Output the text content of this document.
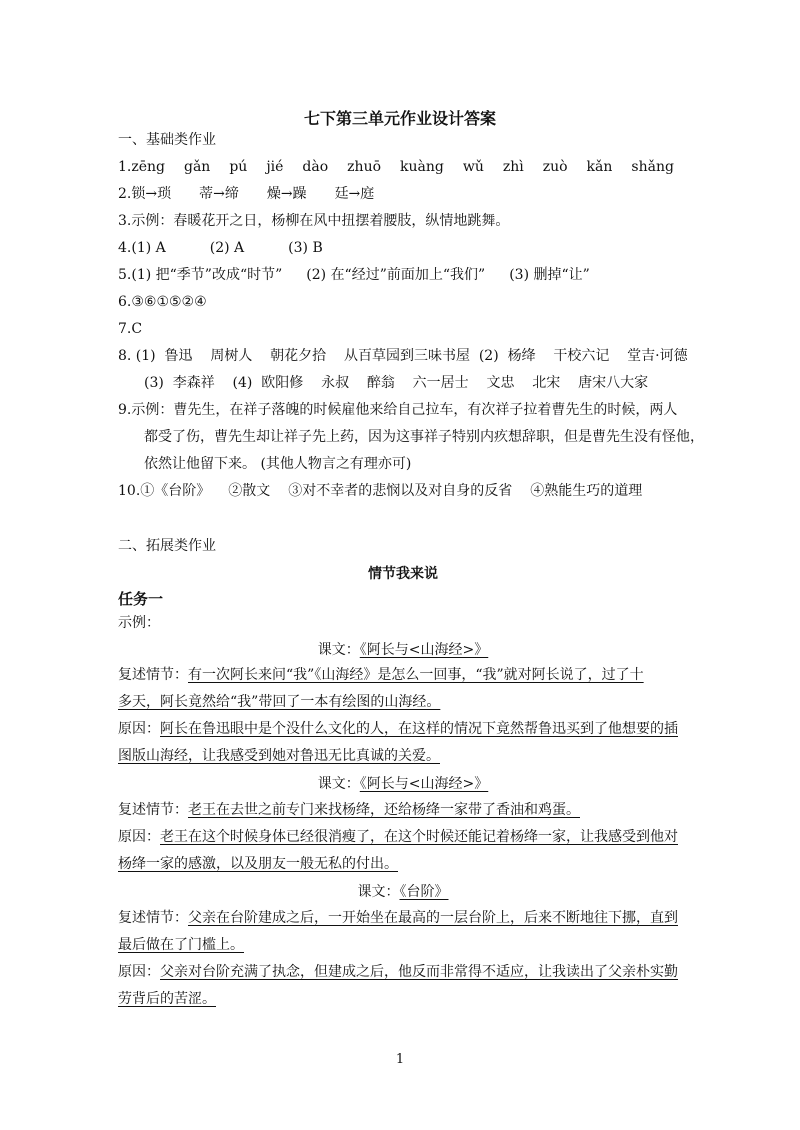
七下第三单元作业设计答案
一、基础类作业
1.zēng gǎn pú jié dào zhuō kuàng wǔ zhì zuò kǎn shǎng
2.锁→琐 蒂→缔 燥→躁 廷→庭
3.示例：春暖花开之日，杨柳在风中扭摆着腰肢，纵情地跳舞。
4.(1) A	(2) A	(3) B
5.(1) 把“季节”改成“时节” (2) 在“经过”前面加上“我们” (3) 删掉“让”
6.③⑥①⑤②④
7.C
8. (1)  鲁迅    周树人    朝花夕拾    从百草园到三味书屋  (2)  杨绛    干校六记    堂吉·诃德
(3)  李森祥    (4)  欧阳修    永叔    醉翁    六一居士    文忠    北宋    唐宋八大家
9.示例：曹先生，在祥子落魄的时候雇他来给自己拉车，有次祥子拉着曹先生的时候，两人
都受了伤，曹先生却让祥子先上药，因为这事祥子特别内疚想辞职，但是曹先生没有怪他，
依然让他留下来。 (其他人物言之有理亦可)
10.①《台阶》 ②散文 ③对不幸者的悲悯以及对自身的反省 ④熟能生巧的道理
二、拓展类作业
情节我来说
任务一
示例：
课文：《阿长与<山海经>》
复述情节：有一次阿长来问“我”《山海经》是怎么一回事，“我”就对阿长说了，过了十
多天，阿长竟然给“我”带回了一本有绘图的山海经。
原因：阿长在鲁迅眼中是个没什么文化的人，在这样的情况下竟然帮鲁迅买到了他想要的插
图版山海经，让我感受到她对鲁迅无比真诚的关爱。
课文：《阿长与<山海经>》
复述情节：老王在去世之前专门来找杨绛，还给杨绛一家带了香油和鸡蛋。
原因：老王在这个时候身体已经很消瘦了，在这个时候还能记着杨绛一家，让我感受到他对
杨绛一家的感激，以及朋友一般无私的付出。
课文：《台阶》
复述情节：父亲在台阶建成之后，一开始坐在最高的一层台阶上，后来不断地往下挪，直到
最后做在了门槛上。
原因：父亲对台阶充满了执念，但建成之后，他反而非常得不适应，让我读出了父亲朴实勤
劳背后的苦涩。
1
